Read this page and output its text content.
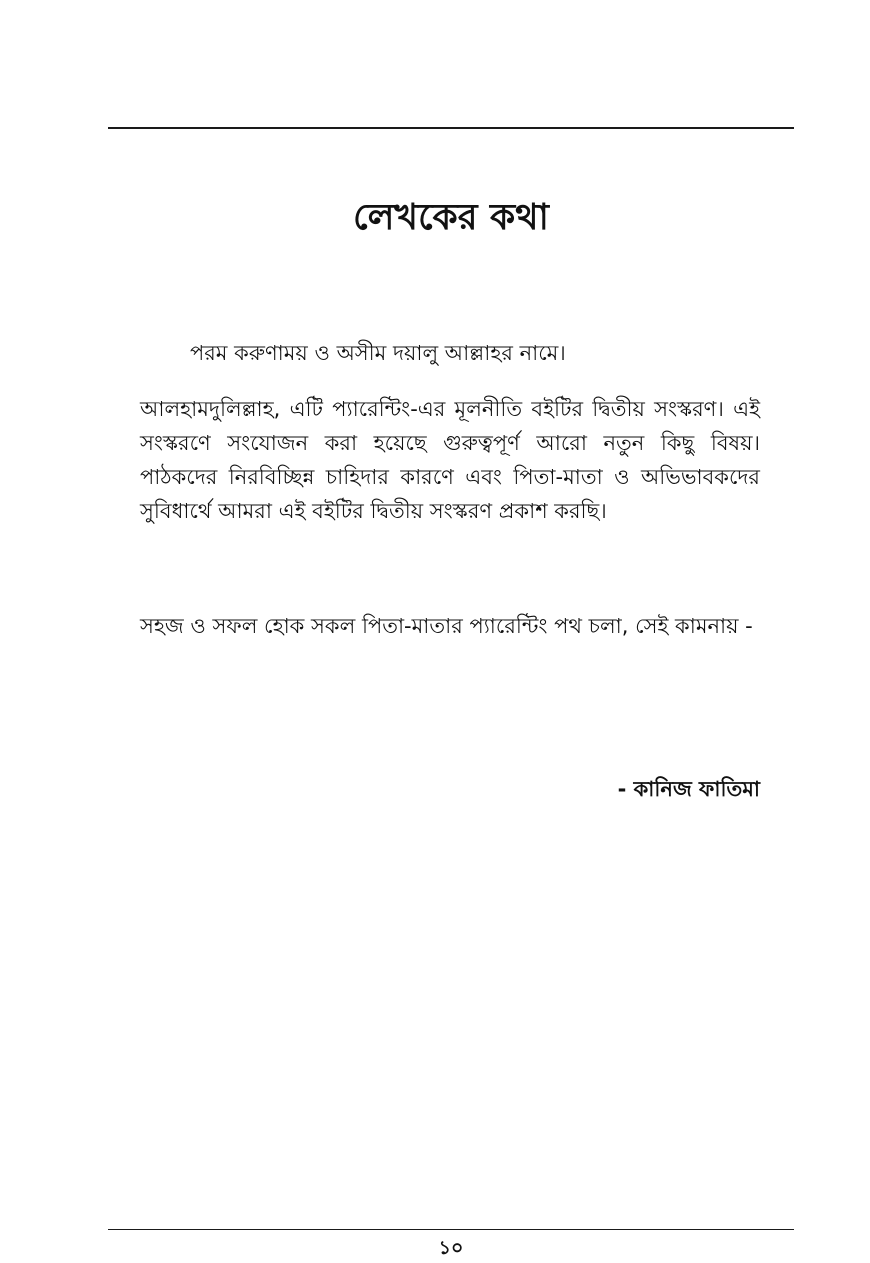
লেখকের কথা
পরম করুণাময় ও অসীম দয়ালু আল্লাহর নামে।

আলহামদুলিল্লাহ, এটি প্যারেন্টিং-এর মূলনীতি বইটির দ্বিতীয় সংস্করণ। এই সংস্করণে সংযোজন করা হয়েছে গুরুত্বপূর্ণ আরো নতুন কিছু বিষয়। পাঠকদের নিরবিচ্ছিন্ন চাহিদার কারণে এবং পিতা-মাতা ও অভিভাবকদের সুবিধার্থে আমরা এই বইটির দ্বিতীয় সংস্করণ প্রকাশ করছি।

সহজ ও সফল হোক সকল পিতা-মাতার প্যারেন্টিং পথ চলা, সেই কামনায় -

- কানিজ ফাতিমা
১০
